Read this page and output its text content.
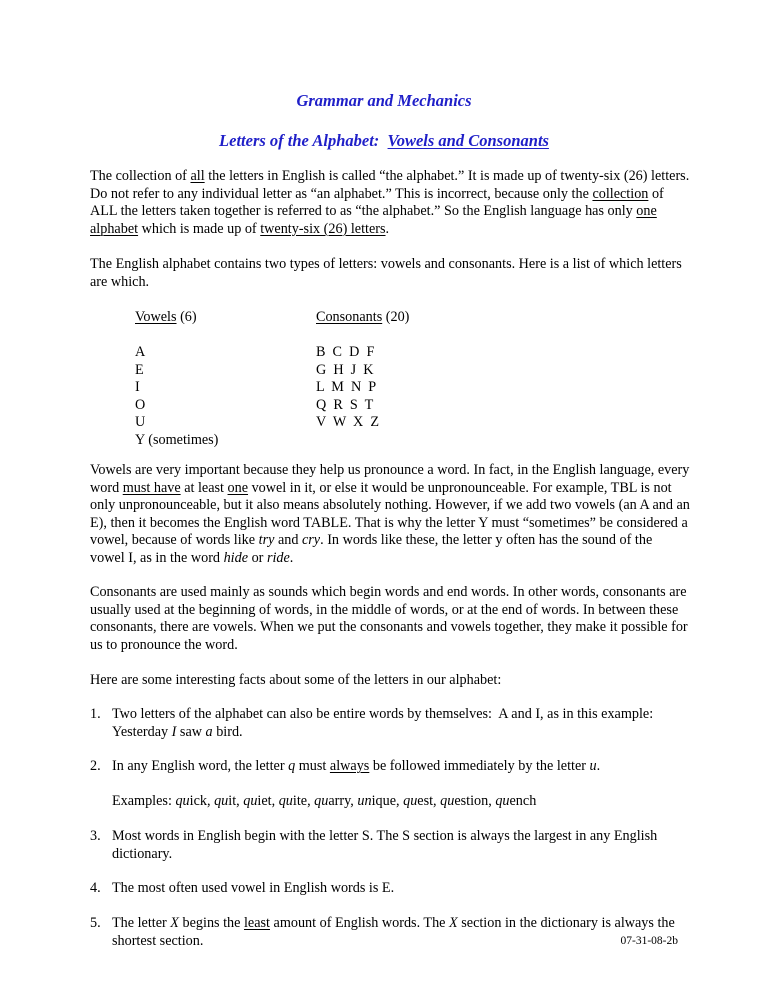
Grammar and Mechanics
Letters of the Alphabet:  Vowels and Consonants
The collection of all the letters in English is called “the alphabet.” It is made up of twenty-six (26) letters. Do not refer to any individual letter as “an alphabet.” This is incorrect, because only the collection of ALL the letters taken together is referred to as “the alphabet.” So the English language has only one alphabet which is made up of twenty-six (26) letters.
The English alphabet contains two types of letters: vowels and consonants. Here is a list of which letters are which.
Vowels (6)
A
E
I
O
U
Y (sometimes)
Consonants (20)
B  C  D  F
G  H  J  K
L  M  N  P
Q  R  S  T
V  W  X  Z
Vowels are very important because they help us pronounce a word. In fact, in the English language, every word must have at least one vowel in it, or else it would be unpronounceable. For example, TBL is not only unpronounceable, but it also means absolutely nothing. However, if we add two vowels (an A and an E), then it becomes the English word TABLE. That is why the letter Y must “sometimes” be considered a vowel, because of words like try and cry. In words like these, the letter y often has the sound of the vowel I, as in the word hide or ride.
Consonants are used mainly as sounds which begin words and end words. In other words, consonants are usually used at the beginning of words, in the middle of words, or at the end of words. In between these consonants, there are vowels. When we put the consonants and vowels together, they make it possible for us to pronounce the word.
Here are some interesting facts about some of the letters in our alphabet:
1. Two letters of the alphabet can also be entire words by themselves:  A and I, as in this example:    Yesterday I saw a bird.
2. In any English word, the letter q must always be followed immediately by the letter u.
Examples: quick, quit, quiet, quite, quarry, unique, quest, question, quench
3. Most words in English begin with the letter S. The S section is always the largest in any English dictionary.
4. The most often used vowel in English words is E.
5. The letter X begins the least amount of English words. The X section in the dictionary is always the shortest section.	07-31-08-2b
